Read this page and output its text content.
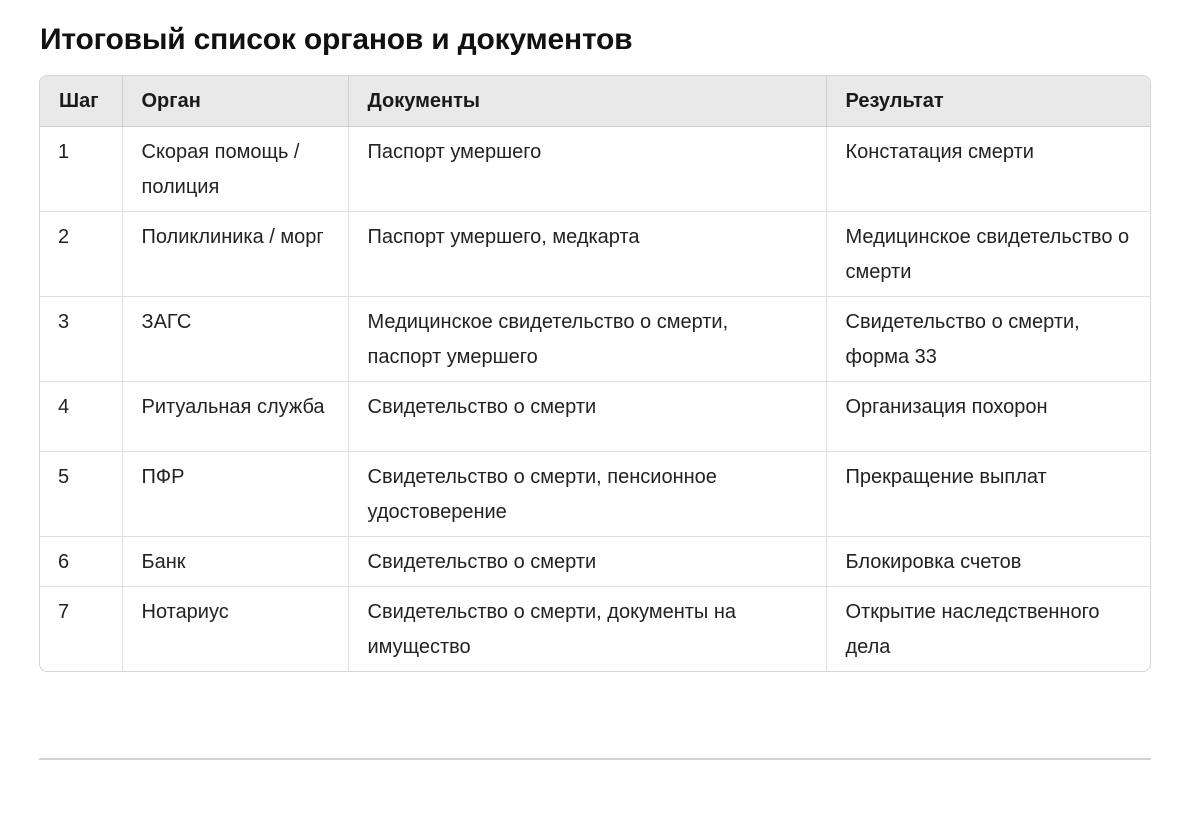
Итоговый список органов и документов
Шаг	Орган	Документы	Результат
1	Скорая помощь / полиция	Паспорт умершего	Констатация смерти
2	Поликлиника / морг	Паспорт умершего, медкарта	Медицинское свидетельство о смерти
3	ЗАГС	Медицинское свидетельство о смерти, паспорт умершего	Свидетельство о смерти, форма 33
4	Ритуальная служба	Свидетельство о смерти	Организация похорон
5	ПФР	Свидетельство о смерти, пенсионное удостоверение	Прекращение выплат
6	Банк	Свидетельство о смерти	Блокировка счетов
7	Нотариус	Свидетельство о смерти, документы на имущество	Открытие наследственного дела
